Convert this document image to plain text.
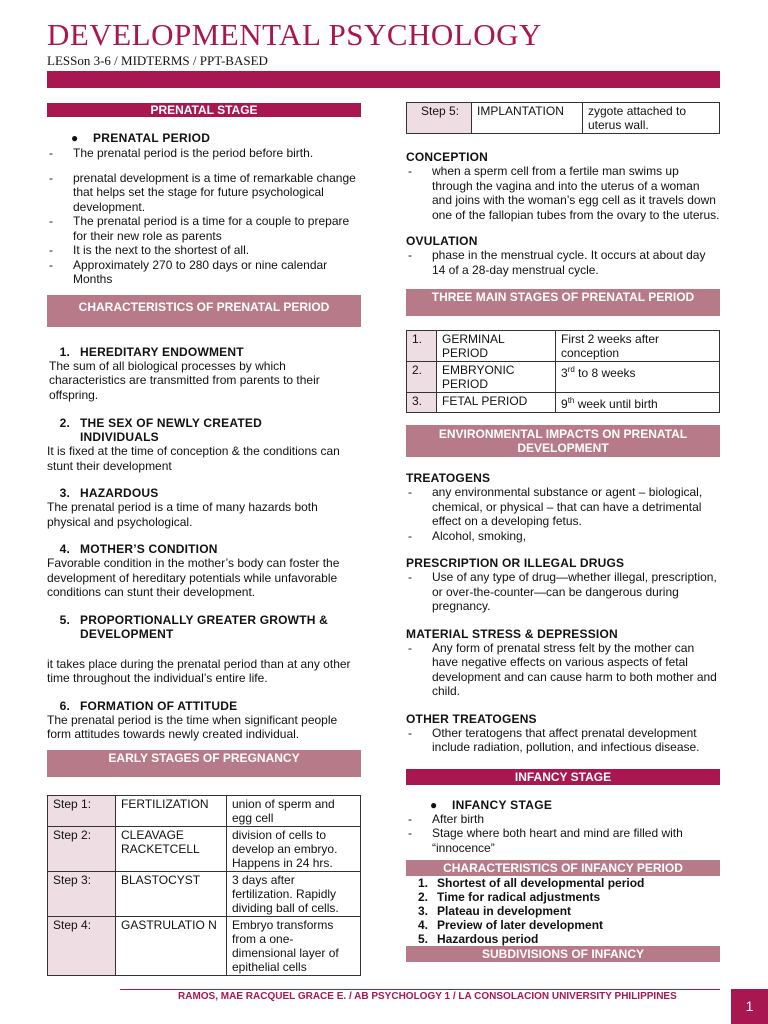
DEVELOPMENTAL PSYCHOLOGY
LESSon 3-6 / MIDTERMS / PPT-BASED
PRENATAL STAGE
● PRENATAL PERIOD
- The prenatal period is the period before birth.
- prenatal development is a time of remarkable change that helps set the stage for future psychological development.
- The prenatal period is a time for a couple to prepare for their new role as parents
- It is the next to the shortest of all.
- Approximately 270 to 280 days or nine calendar Months
CHARACTERISTICS OF PRENATAL PERIOD
1. HEREDITARY ENDOWMENT
The sum of all biological processes by which characteristics are transmitted from parents to their offspring.
2. THE SEX OF NEWLY CREATED INDIVIDUALS
It is fixed at the time of conception & the conditions can stunt their development
3. HAZARDOUS
The prenatal period is a time of many hazards both physical and psychological.
4. MOTHER’S CONDITION
Favorable condition in the mother’s body can foster the development of hereditary potentials while unfavorable conditions can stunt their development.
5. PROPORTIONALLY GREATER GROWTH & DEVELOPMENT
it takes place during the prenatal period than at any other time throughout the individual’s entire life.
6. FORMATION OF ATTITUDE
The prenatal period is the time when significant people form attitudes towards newly created individual.
EARLY STAGES OF PREGNANCY
Step 1:	FERTILIZATION	union of sperm and egg cell
Step 2:	CLEAVAGE RACKETCELL	division of cells to develop an embryo. Happens in 24 hrs.
Step 3:	BLASTOCYST	3 days after fertilization. Rapidly dividing ball of cells.
Step 4:	GASTRULATIO N	Embryo transforms from a one-dimensional layer of epithelial cells
Step 5:	IMPLANTATION	zygote attached to uterus wall.
CONCEPTION
- when a sperm cell from a fertile man swims up through the vagina and into the uterus of a woman and joins with the woman’s egg cell as it travels down one of the fallopian tubes from the ovary to the uterus.
OVULATION
- phase in the menstrual cycle. It occurs at about day 14 of a 28-day menstrual cycle.
THREE MAIN STAGES OF PRENATAL PERIOD
1.	GERMINAL PERIOD	First 2 weeks after conception
2.	EMBRYONIC PERIOD	3rd to 8 weeks
3.	FETAL PERIOD	9th week until birth
ENVIRONMENTAL IMPACTS ON PRENATAL DEVELOPMENT
TREATOGENS
- any environmental substance or agent – biological, chemical, or physical – that can have a detrimental effect on a developing fetus.
- Alcohol, smoking,
PRESCRIPTION OR ILLEGAL DRUGS
- Use of any type of drug—whether illegal, prescription, or over-the-counter—can be dangerous during pregnancy.
MATERIAL STRESS & DEPRESSION
- Any form of prenatal stress felt by the mother can have negative effects on various aspects of fetal development and can cause harm to both mother and child.
OTHER TREATOGENS
- Other teratogens that affect prenatal development include radiation, pollution, and infectious disease.
INFANCY STAGE
● INFANCY STAGE
- After birth
- Stage where both heart and mind are filled with “innocence”
CHARACTERISTICS OF INFANCY PERIOD
1. Shortest of all developmental period
2. Time for radical adjustments
3. Plateau in development
4. Preview of later development
5. Hazardous period
SUBDIVISIONS OF INFANCY
RAMOS, MAE RACQUEL GRACE E. / AB PSYCHOLOGY 1 / LA CONSOLACION UNIVERSITY PHILIPPINES
1
